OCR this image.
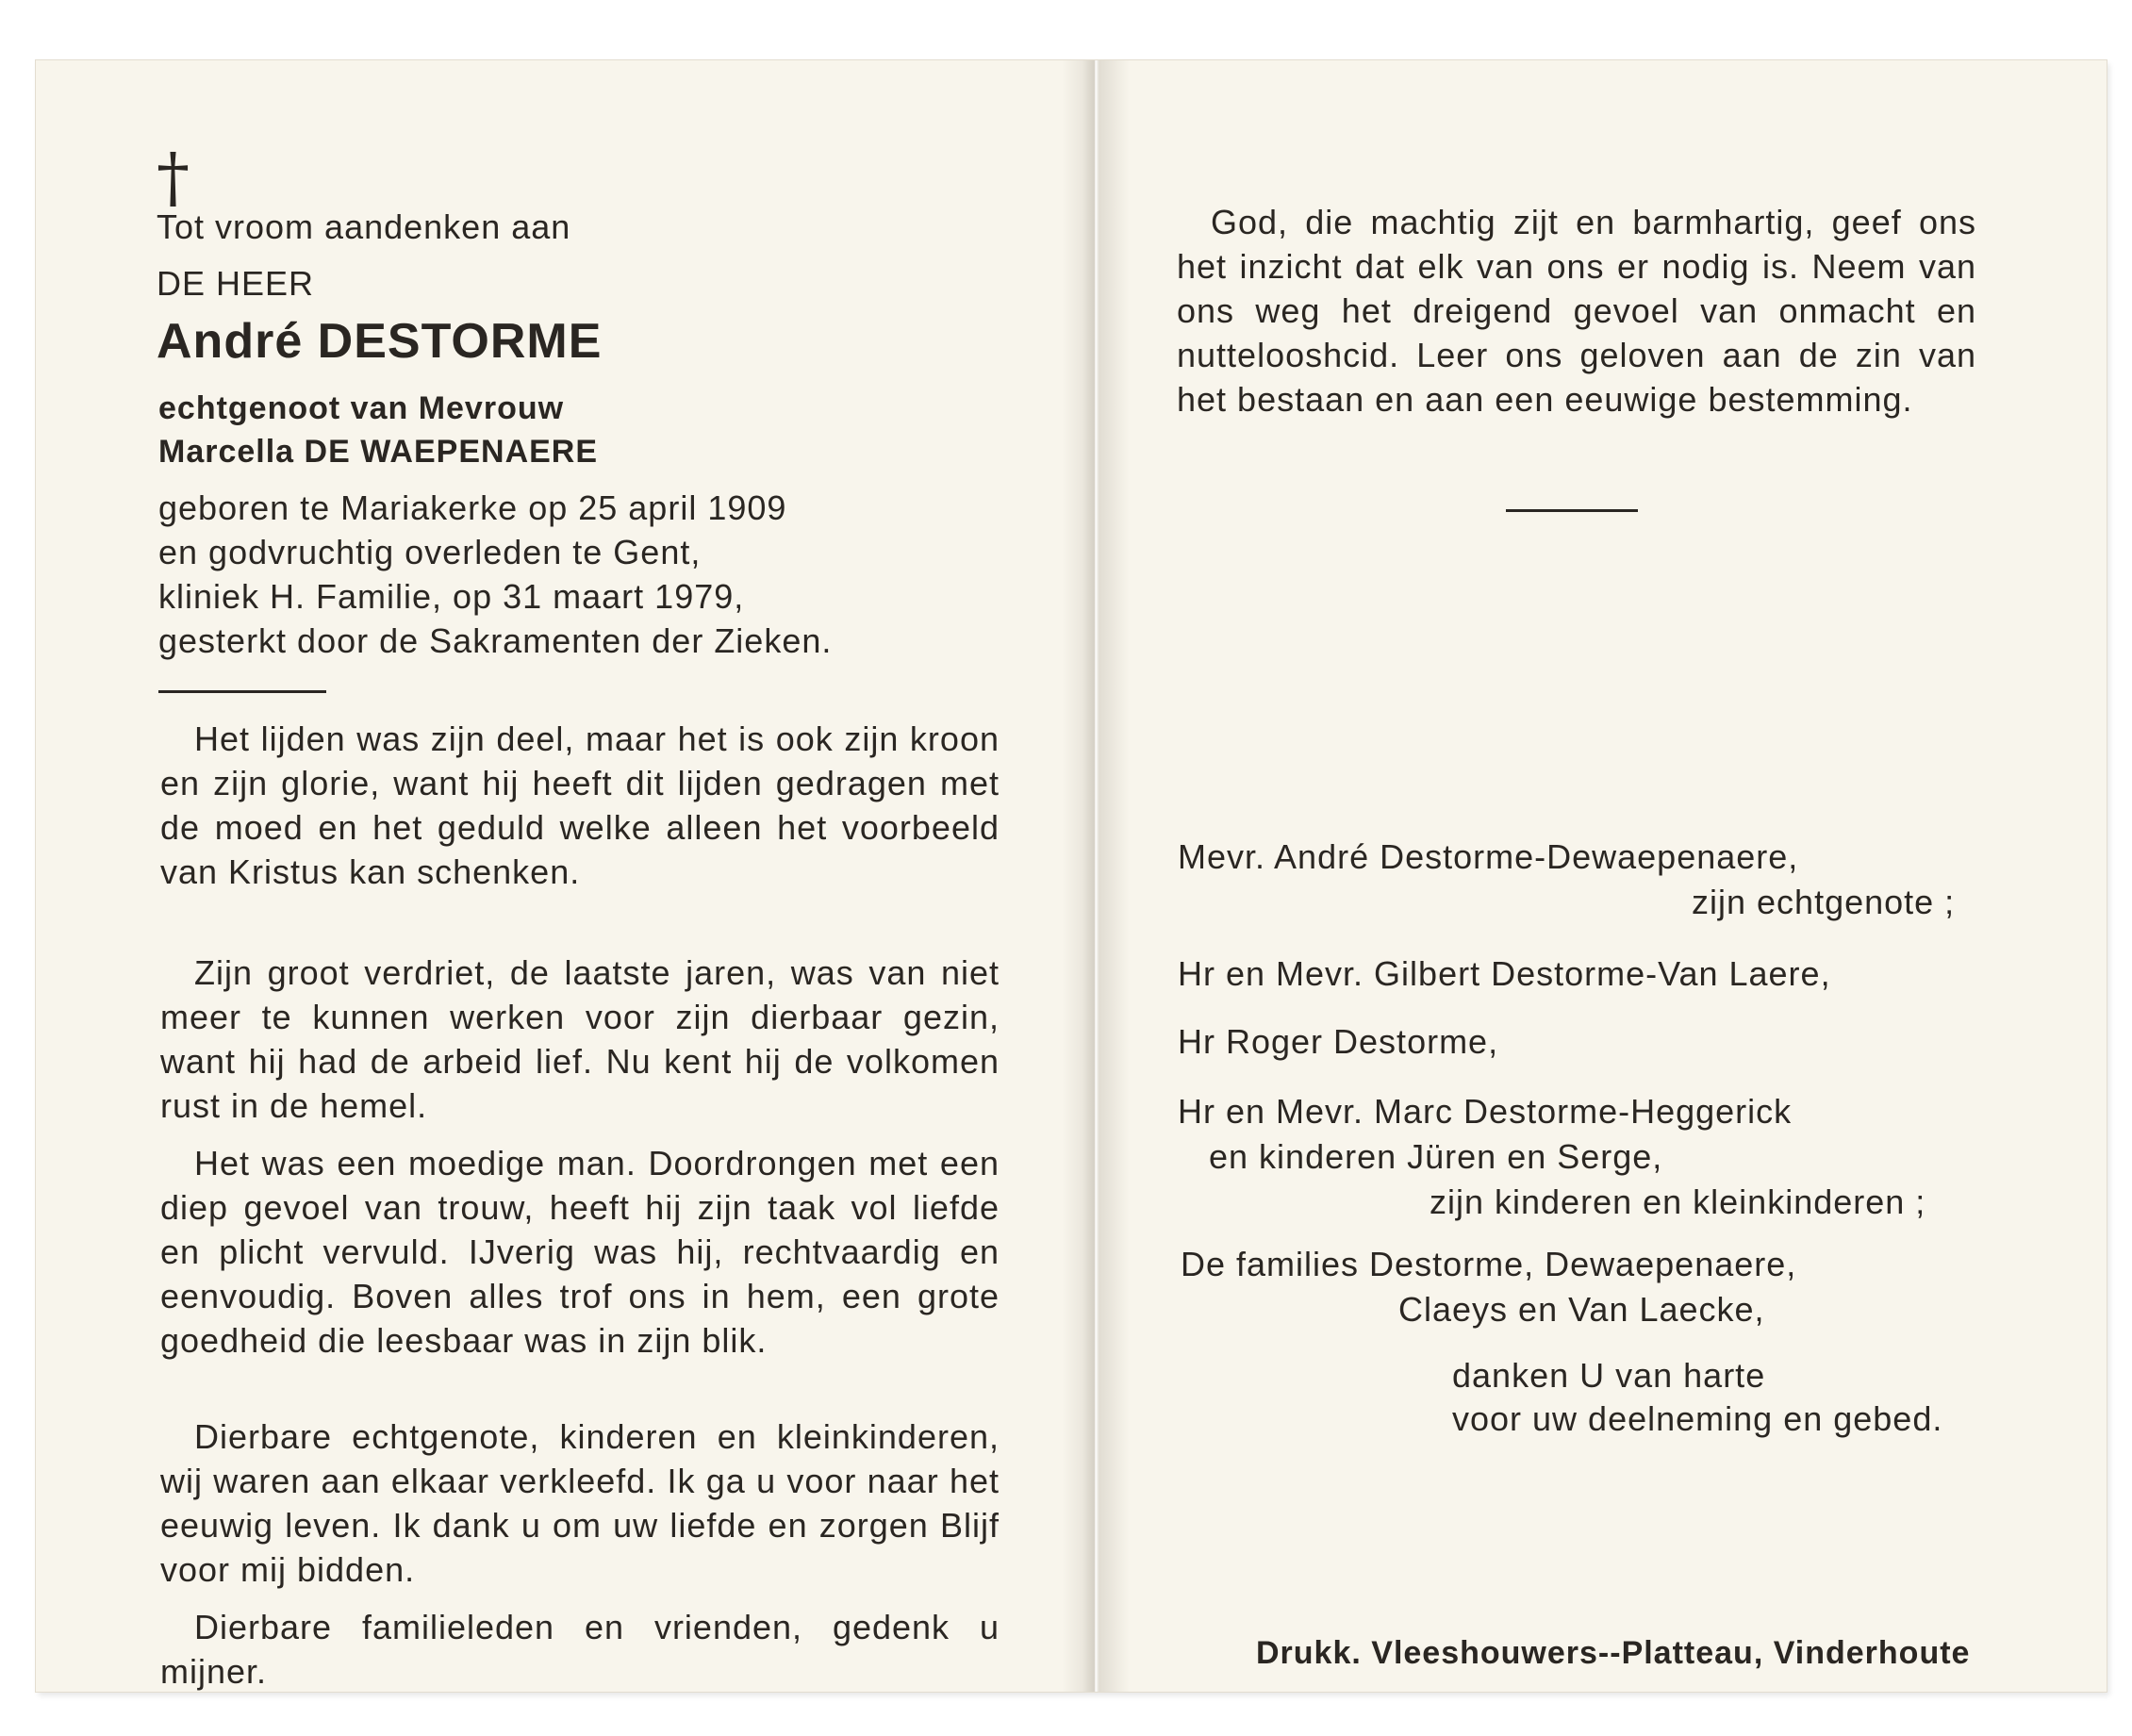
†

Tot vroom aandenken aan

DE HEER

André DESTORME

echtgenoot van Mevrouw

Marcella DE WAEPENAERE

geboren te Mariakerke op 25 april 1909

en godvruchtig overleden te Gent,

kliniek H. Familie, op 31 maart 1979,

gesterkt door de Sakramenten der Zieken.

Het lijden was zijn deel, maar het is ook zijn kroon en zijn glorie, want hij heeft dit lijden gedragen met de moed en het geduld welke alleen het voorbeeld van Kristus kan schenken.

Zijn groot verdriet, de laatste jaren, was van niet meer te kunnen werken voor zijn dierbaar gezin, want hij had de arbeid lief. Nu kent hij de volkomen rust in de hemel.

Het was een moedige man. Doordrongen met een diep gevoel van trouw, heeft hij zijn taak vol liefde en plicht vervuld. IJverig was hij, rechtvaardig en eenvoudig. Boven alles trof ons in hem, een grote goedheid die leesbaar was in zijn blik.

Dierbare echtgenote, kinderen en kleinkinderen, wij waren aan elkaar verkleefd. Ik ga u voor naar het eeuwig leven. Ik dank u om uw liefde en zorgen Blijf voor mij bidden.

Dierbare familieleden en vrienden, gedenk u mijner.

God, die machtig zijt en barmhartig, geef ons het inzicht dat elk van ons er nodig is. Neem van ons weg het dreigend gevoel van onmacht en nuttelooshcid. Leer ons geloven aan de zin van het bestaan en aan een eeuwige bestemming.

Mevr. André Destorme-Dewaepenaere,

zijn echtgenote ;

Hr en Mevr. Gilbert Destorme-Van Laere,

Hr Roger Destorme,

Hr en Mevr. Marc Destorme-Heggerick

en kinderen Jüren en Serge,

zijn kinderen en kleinkinderen ;

De families Destorme, Dewaepenaere,

Claeys en Van Laecke,

danken U van harte

voor uw deelneming en gebed.

Drukk. Vleeshouwers--Platteau, Vinderhoute
